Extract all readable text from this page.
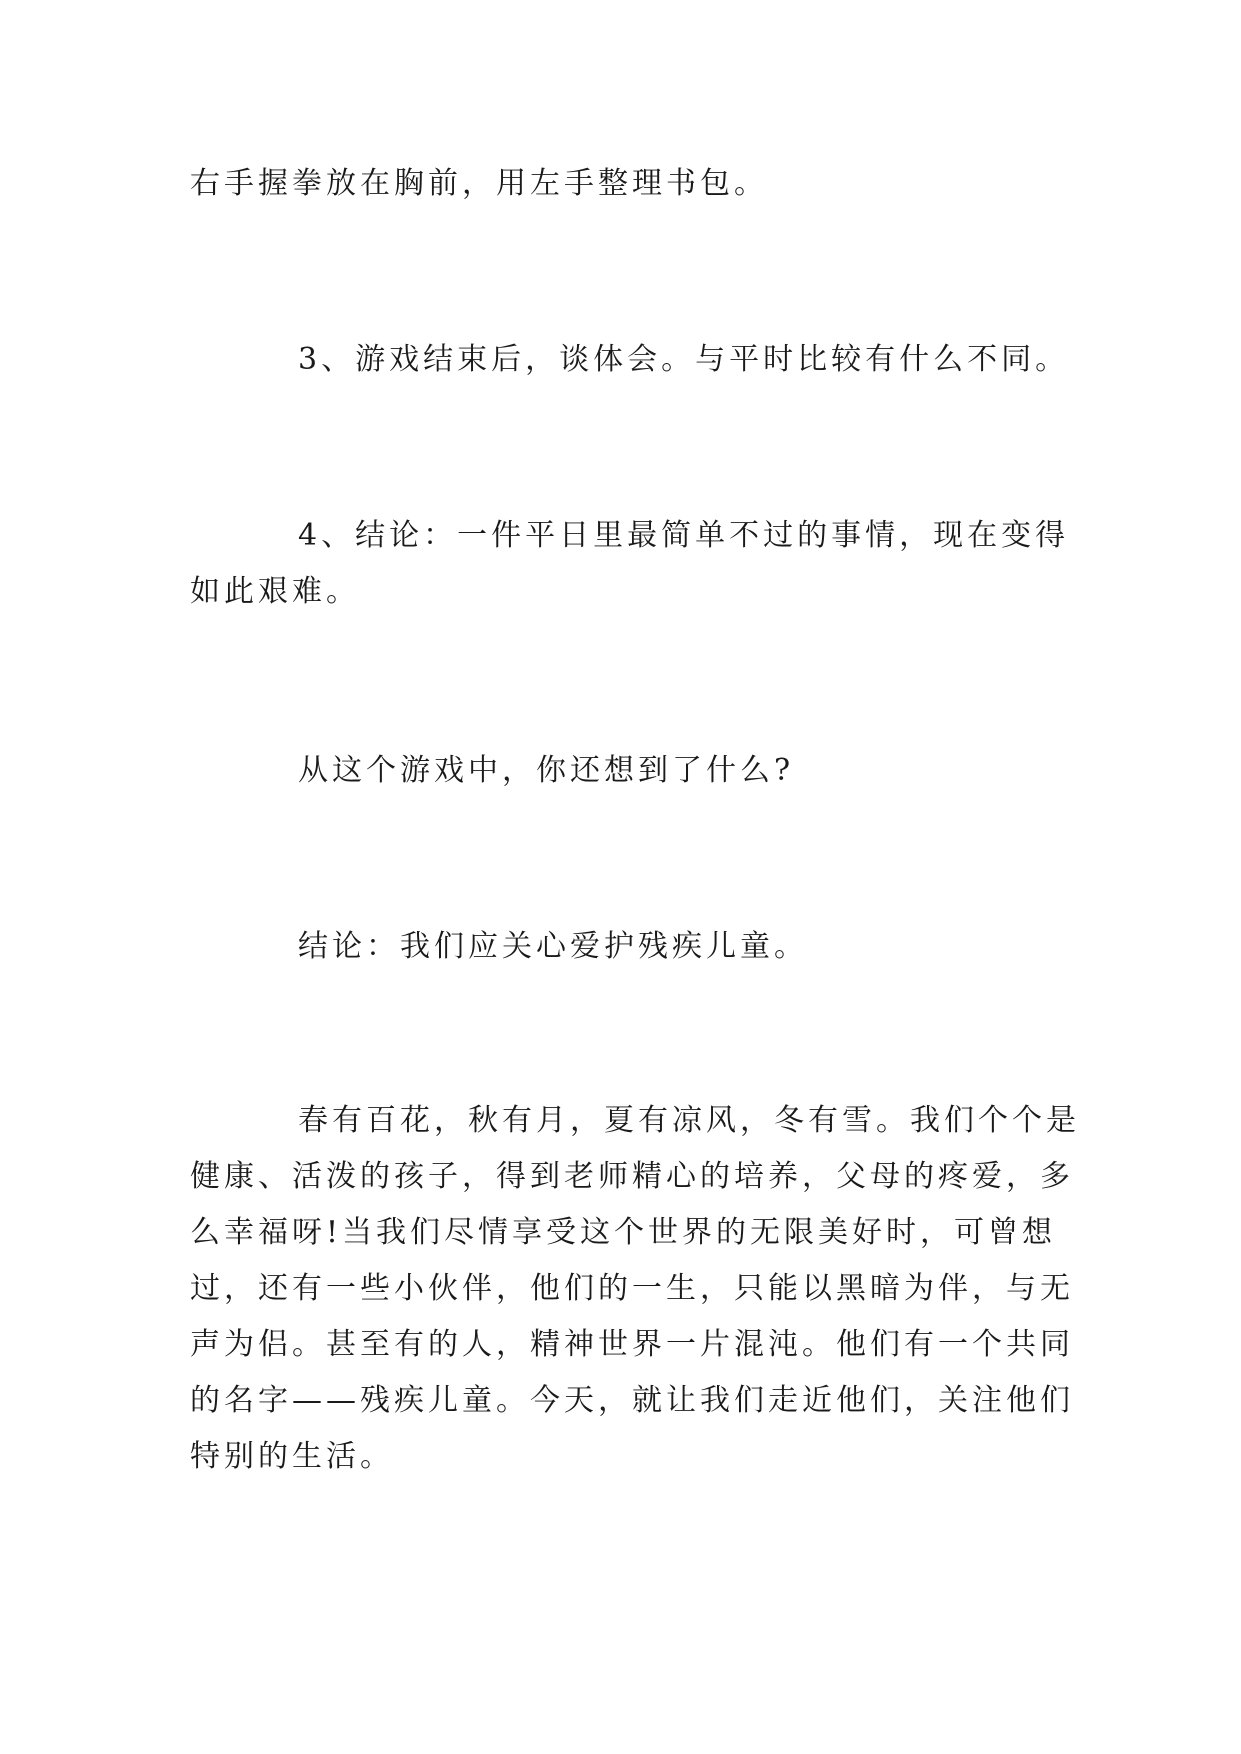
右手握拳放在胸前，用左手整理书包。

3、游戏结束后，谈体会。与平时比较有什么不同。

4、结论：一件平日里最简单不过的事情，现在变得
如此艰难。

从这个游戏中，你还想到了什么?

结论：我们应关心爱护残疾儿童。

春有百花，秋有月，夏有凉风，冬有雪。我们个个是
健康、活泼的孩子，得到老师精心的培养，父母的疼爱，多
么幸福呀!当我们尽情享受这个世界的无限美好时，可曾想
过，还有一些小伙伴，他们的一生，只能以黑暗为伴，与无
声为侣。甚至有的人，精神世界一片混沌。他们有一个共同
的名字——残疾儿童。今天，就让我们走近他们，关注他们
特别的生活。
